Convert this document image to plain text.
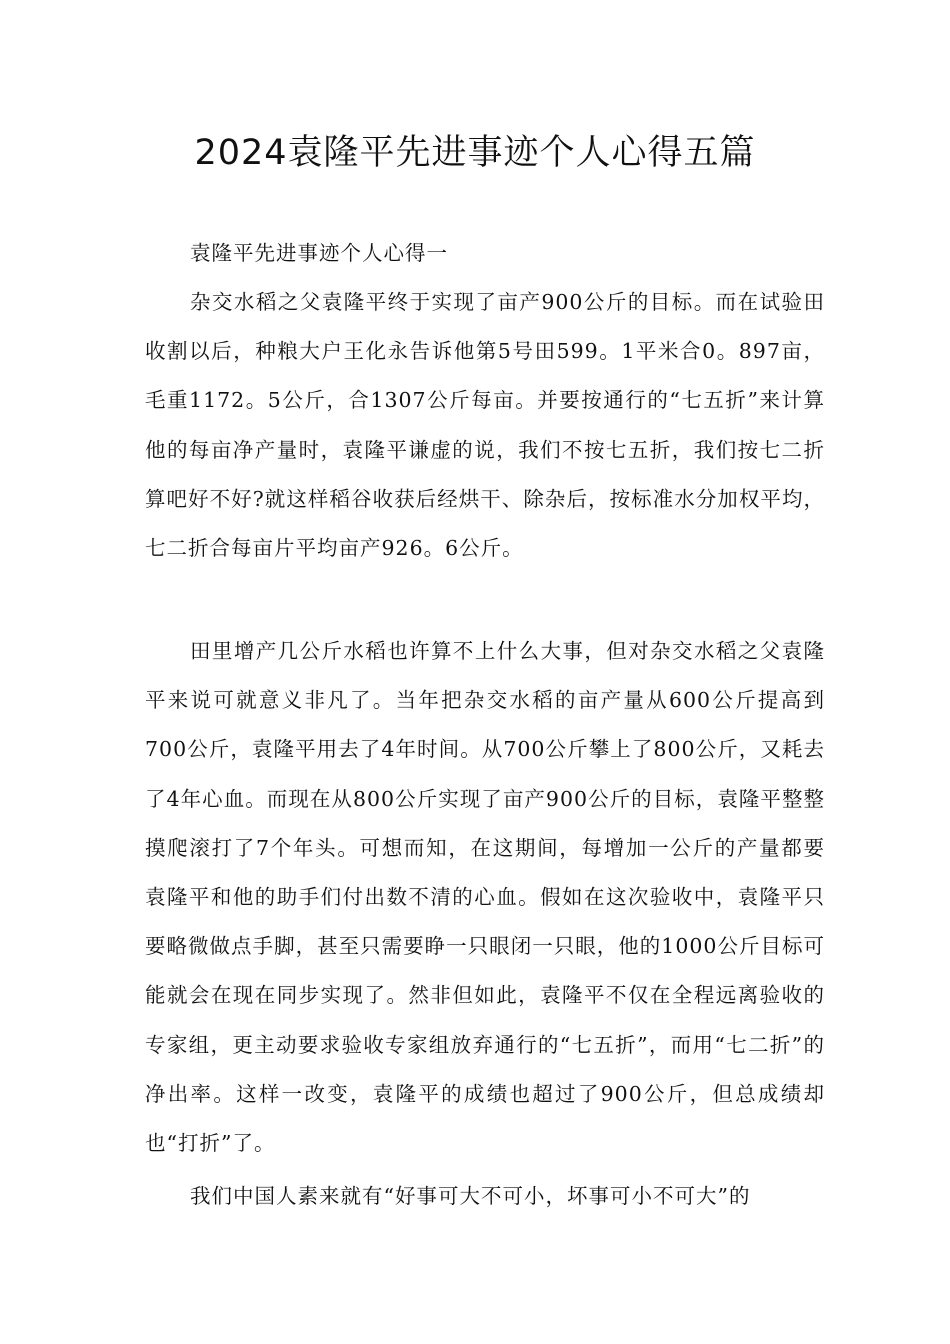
2024袁隆平先进事迹个人心得五篇

袁隆平先进事迹个人心得一

杂交水稻之父袁隆平终于实现了亩产900公斤的目标。而在试验田收割以后，种粮大户王化永告诉他第5号田599。1平米合0。897亩，毛重1172。5公斤，合1307公斤每亩。并要按通行的“七五折”来计算他的每亩净产量时，袁隆平谦虚的说，我们不按七五折，我们按七二折算吧好不好?就这样稻谷收获后经烘干、除杂后，按标准水分加权平均，七二折合每亩片平均亩产926。6公斤。

田里增产几公斤水稻也许算不上什么大事，但对杂交水稻之父袁隆平来说可就意义非凡了。当年把杂交水稻的亩产量从600公斤提高到700公斤，袁隆平用去了4年时间。从700公斤攀上了800公斤，又耗去了4年心血。而现在从800公斤实现了亩产900公斤的目标，袁隆平整整摸爬滚打了7个年头。可想而知，在这期间，每增加一公斤的产量都要袁隆平和他的助手们付出数不清的心血。假如在这次验收中，袁隆平只要略微做点手脚，甚至只需要睁一只眼闭一只眼，他的1000公斤目标可能就会在现在同步实现了。然非但如此，袁隆平不仅在全程远离验收的专家组，更主动要求验收专家组放弃通行的“七五折”，而用“七二折”的净出率。这样一改变，袁隆平的成绩也超过了900公斤，但总成绩却也“打折”了。

我们中国人素来就有“好事可大不可小，坏事可小不可大”的
